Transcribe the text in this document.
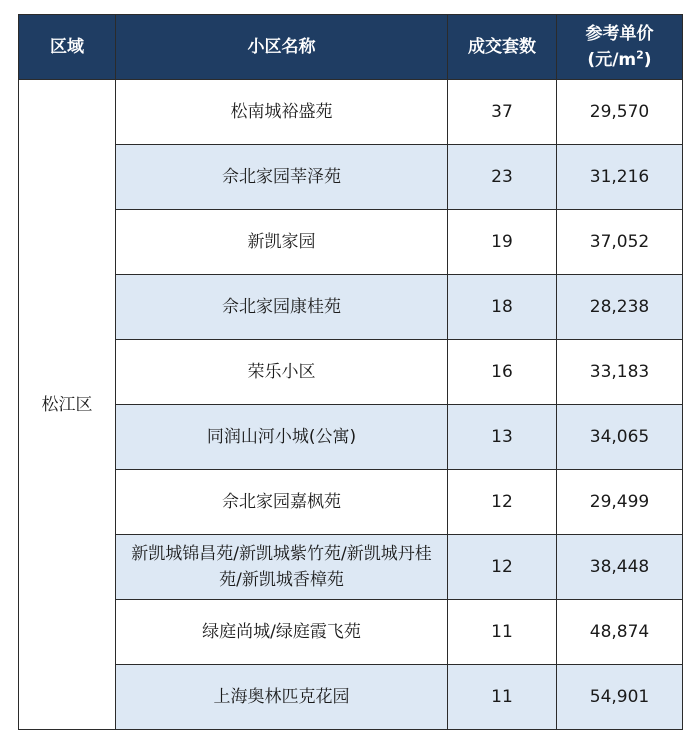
区域	小区名称	成交套数	参考单价
(元$/m^2$)

松江区	松南城裕盛苑	37	29,570
	佘北家园莘泽苑	23	31,216
	新凯家园	19	37,052
	佘北家园康桂苑	18	28,238
	荣乐小区	16	33,183
	同润山河小城(公寓)	13	34,065
	佘北家园嘉枫苑	12	29,499
	新凯城锦昌苑/新凯城紫竹苑/新凯城丹桂苑/新凯城香樟苑	12	38,448
	绿庭尚城/绿庭霞飞苑	11	48,874
	上海奥林匹克花园	11	54,901
